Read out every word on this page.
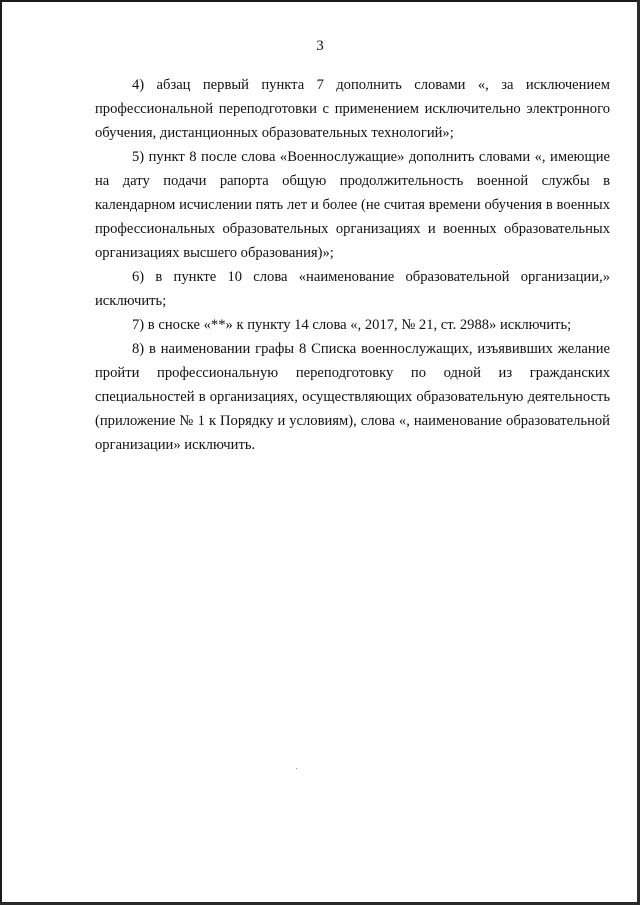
3

4) абзац первый пункта 7 дополнить словами «, за исключением профессиональной переподготовки с применением исключительно электронного обучения, дистанционных образовательных технологий»;

5) пункт 8 после слова «Военнослужащие» дополнить словами «, имеющие на дату подачи рапорта общую продолжительность военной службы в календарном исчислении пять лет и более (не считая времени обучения в военных профессиональных образовательных организациях и военных образовательных организациях высшего образования)»;

6) в пункте 10 слова «наименование образовательной организации,» исключить;

7) в сноске «**» к пункту 14 слова «, 2017, № 21, ст. 2988» исключить;

8) в наименовании графы 8 Списка военнослужащих, изъявивших желание пройти профессиональную переподготовку по одной из гражданских специальностей в организациях, осуществляющих образовательную деятельность (приложение № 1 к Порядку и условиям), слова «, наименование образовательной организации» исключить.
